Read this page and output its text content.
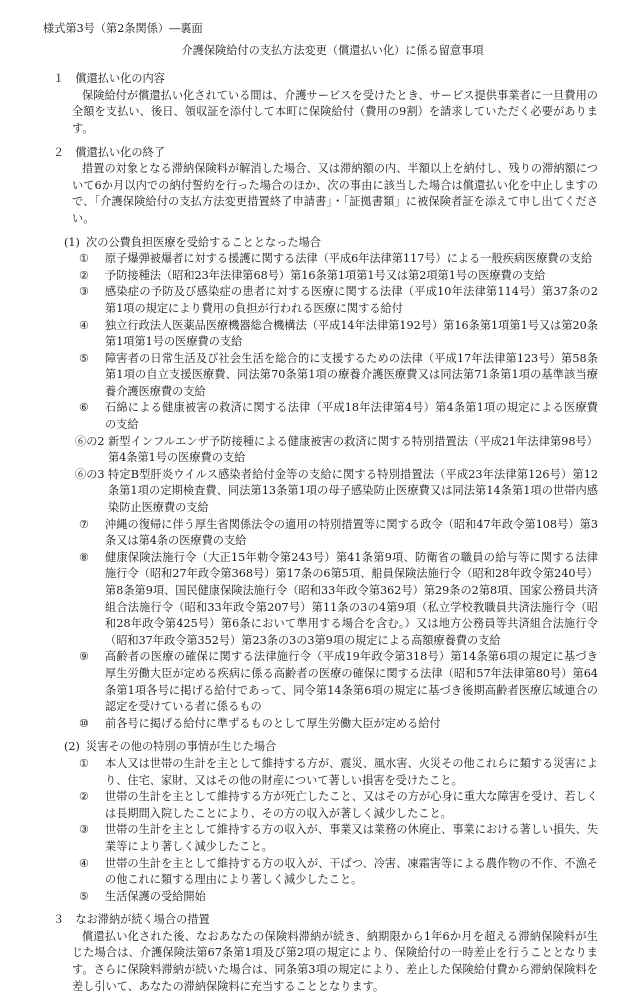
様式第3号（第2条関係）―裏面

介護保険給付の支払方法変更（償還払い化）に係る留意事項

１　償還払い化の内容

保険給付が償還払い化されている間は、介護サービスを受けたとき、サービス提供事業者に一旦費用の全額を支払い、後日、領収証を添付して本町に保険給付（費用の9割）を請求していただく必要があります。

２　償還払い化の終了

措置の対象となる滞納保険料が解消した場合、又は滞納額の内、半額以上を納付し、残りの滞納額について6か月以内での納付誓約を行った場合のほか、次の事由に該当した場合は償還払い化を中止しますので、「介護保険給付の支払方法変更措置終了申請書」・「証拠書類」に被保険者証を添えて申し出てください。

(1) 次の公費負担医療を受給することとなった場合

① 原子爆弾被爆者に対する援護に関する法律（平成6年法律第117号）による一般疾病医療費の支給
② 予防接種法（昭和23年法律第68号）第16条第1項第1号又は第2項第1号の医療費の支給
③ 感染症の予防及び感染症の患者に対する医療に関する法律（平成10年法律第114号）第37条の2第1項の規定により費用の負担が行われる医療に関する給付
④ 独立行政法人医薬品医療機器総合機構法（平成14年法律第192号）第16条第1項第1号又は第20条第1項第1号の医療費の支給
⑤ 障害者の日常生活及び社会生活を総合的に支援するための法律（平成17年法律第123号）第58条第1項の自立支援医療費、同法第70条第1項の療養介護医療費又は同法第71条第1項の基準該当療養介護医療費の支給
⑥ 石綿による健康被害の救済に関する法律（平成18年法律第4号）第4条第1項の規定による医療費の支給
⑥の2 新型インフルエンザ予防接種による健康被害の救済に関する特別措置法（平成21年法律第98号）第4条第1号の医療費の支給
⑥の3 特定B型肝炎ウイルス感染者給付金等の支給に関する特別措置法（平成23年法律第126号）第12条第1項の定期検査費、同法第13条第1項の母子感染防止医療費又は同法第14条第1項の世帯内感染防止医療費の支給
⑦ 沖縄の復帰に伴う厚生省関係法令の適用の特別措置等に関する政令（昭和47年政令第108号）第3条又は第4条の医療費の支給
⑧ 健康保険法施行令（大正15年勅令第243号）第41条第9項、防衛省の職員の給与等に関する法律施行令（昭和27年政令第368号）第17条の6第5項、船員保険法施行令（昭和28年政令第240号）第8条第9項、国民健康保険法施行令（昭和33年政令第362号）第29条の2第8項、国家公務員共済組合法施行令（昭和33年政令第207号）第11条の3の4第9項（私立学校教職員共済法施行令（昭和28年政令第425号）第6条において準用する場合を含む。）又は地方公務員等共済組合法施行令（昭和37年政令第352号）第23条の3の3第9項の規定による高額療養費の支給
⑨ 高齢者の医療の確保に関する法律施行令（平成19年政令第318号）第14条第6項の規定に基づき厚生労働大臣が定める疾病に係る高齢者の医療の確保に関する法律（昭和57年法律第80号）第64条第1項各号に掲げる給付であって、同令第14条第6項の規定に基づき後期高齢者医療広域連合の認定を受けている者に係るもの
⑩ 前各号に掲げる給付に準ずるものとして厚生労働大臣が定める給付

(2) 災害その他の特別の事情が生じた場合

① 本人又は世帯の生計を主として維持する方が、震災、風水害、火災その他これらに類する災害により、住宅、家財、又はその他の財産について著しい損害を受けたこと。
② 世帯の生計を主として維持する方が死亡したこと、又はその方が心身に重大な障害を受け、若しくは長期間入院したことにより、その方の収入が著しく減少したこと。
③ 世帯の生計を主として維持する方の収入が、事業又は業務の休廃止、事業における著しい損失、失業等により著しく減少したこと。
④ 世帯の生計を主として維持する方の収入が、干ばつ、冷害、凍霜害等による農作物の不作、不漁その他これに類する理由により著しく減少したこと。
⑤ 生活保護の受給開始

３　なお滞納が続く場合の措置

償還払い化された後、なおあなたの保険料滞納が続き、納期限から1年6か月を超える滞納保険料が生じた場合は、介護保険法第67条第1項及び第2項の規定により、保険給付の一時差止を行うこととなります。さらに保険料滞納が続いた場合は、同条第3項の規定により、差止した保険給付費から滞納保険料を差し引いて、あなたの滞納保険料に充当することとなります。
